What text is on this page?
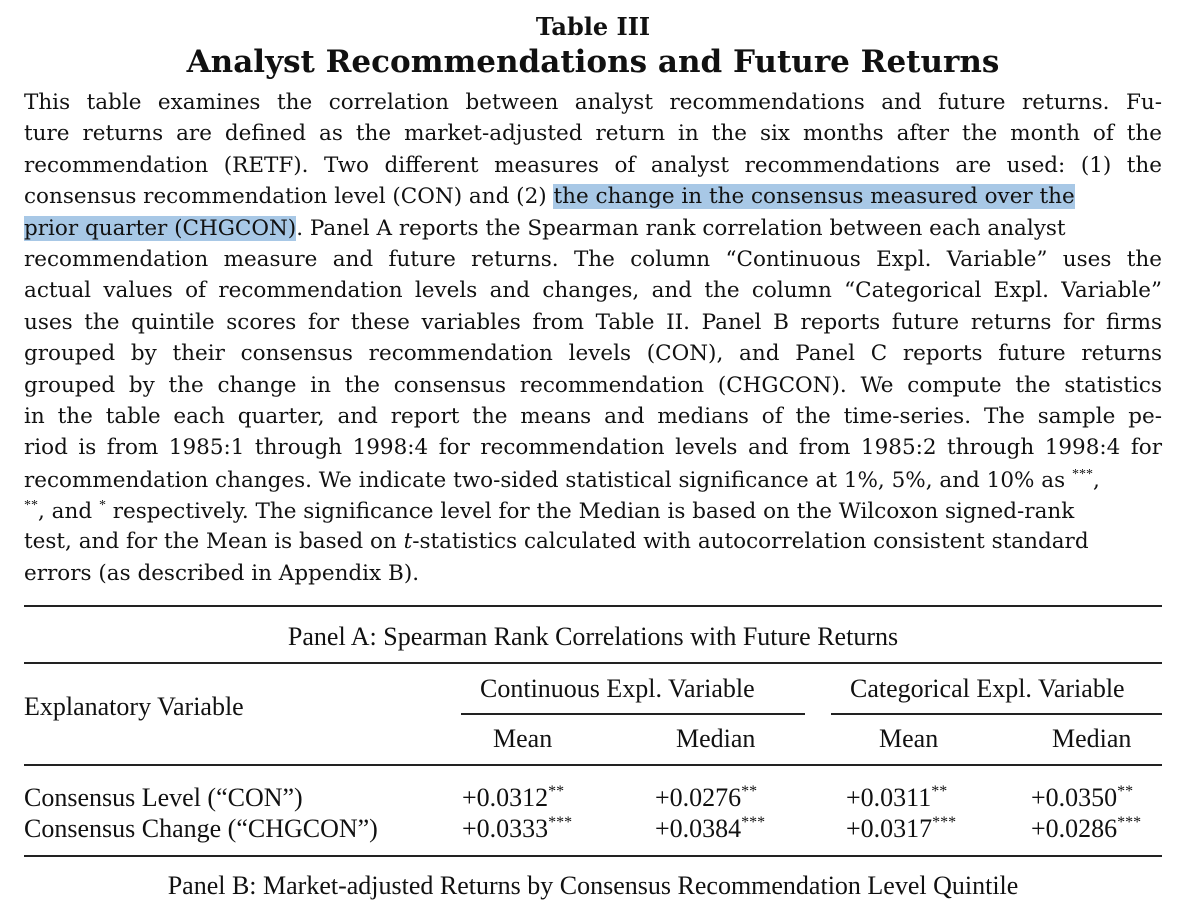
Table III
Analyst Recommendations and Future Returns
This table examines the correlation between analyst recommendations and future returns. Fu-
ture returns are defined as the market-adjusted return in the six months after the month of the
recommendation (RETF). Two different measures of analyst recommendations are used: (1) the
consensus recommendation level (CON) and (2) the change in the consensus measured over the
prior quarter (CHGCON). Panel A reports the Spearman rank correlation between each analyst
recommendation measure and future returns. The column “Continuous Expl. Variable” uses the
actual values of recommendation levels and changes, and the column “Categorical Expl. Variable”
uses the quintile scores for these variables from Table II. Panel B reports future returns for firms
grouped by their consensus recommendation levels (CON), and Panel C reports future returns
grouped by the change in the consensus recommendation (CHGCON). We compute the statistics
in the table each quarter, and report the means and medians of the time-series. The sample pe-
riod is from 1985:1 through 1998:4 for recommendation levels and from 1985:2 through 1998:4 for
recommendation changes. We indicate two-sided statistical significance at 1%, 5%, and 10% as ***,
**, and * respectively. The significance level for the Median is based on the Wilcoxon signed-rank
test, and for the Mean is based on t-statistics calculated with autocorrelation consistent standard
errors (as described in Appendix B).
Panel A: Spearman Rank Correlations with Future Returns
Explanatory Variable
Continuous Expl. Variable	Categorical Expl. Variable
Mean	Median	Mean	Median
Consensus Level (“CON”)	+0.0312**	+0.0276**	+0.0311**	+0.0350**
Consensus Change (“CHGCON”)	+0.0333***	+0.0384***	+0.0317***	+0.0286***
Panel B: Market-adjusted Returns by Consensus Recommendation Level Quintile
